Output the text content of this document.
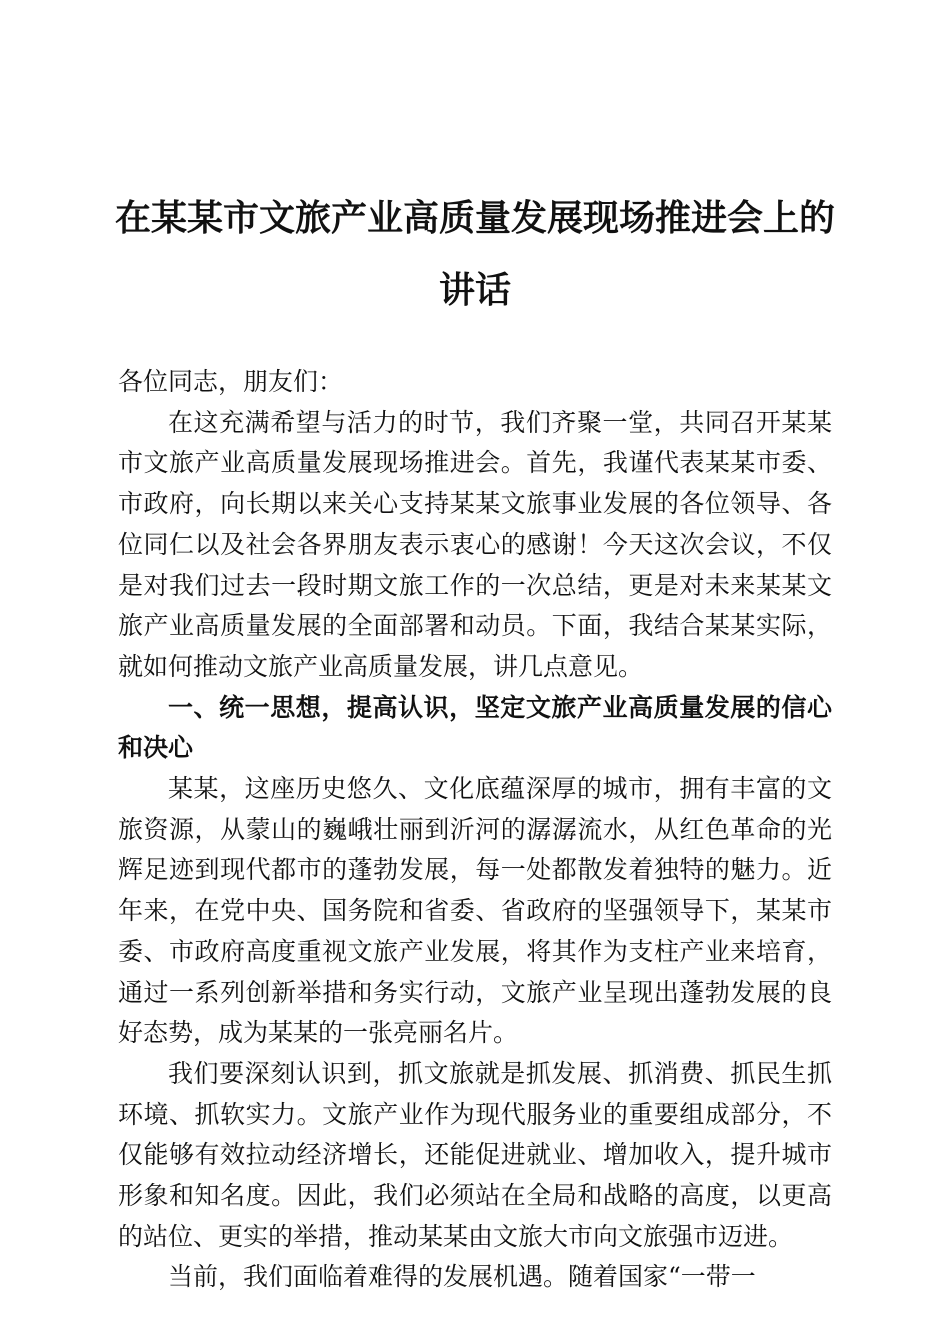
在某某市文旅产业高质量发展现场推进会上的
讲话

各位同志，朋友们：

在这充满希望与活力的时节，我们齐聚一堂，共同召开某某市文旅产业高质量发展现场推进会。首先，我谨代表某某市委、市政府，向长期以来关心支持某某文旅事业发展的各位领导、各位同仁以及社会各界朋友表示衷心的感谢！今天这次会议，不仅是对我们过去一段时期文旅工作的一次总结，更是对未来某某文旅产业高质量发展的全面部署和动员。下面，我结合某某实际，就如何推动文旅产业高质量发展，讲几点意见。

一、统一思想，提高认识，坚定文旅产业高质量发展的信心和决心

某某，这座历史悠久、文化底蕴深厚的城市，拥有丰富的文旅资源，从蒙山的巍峨壮丽到沂河的潺潺流水，从红色革命的光辉足迹到现代都市的蓬勃发展，每一处都散发着独特的魅力。近年来，在党中央、国务院和省委、省政府的坚强领导下，某某市委、市政府高度重视文旅产业发展，将其作为支柱产业来培育，通过一系列创新举措和务实行动，文旅产业呈现出蓬勃发展的良好态势，成为某某的一张亮丽名片。

我们要深刻认识到，抓文旅就是抓发展、抓消费、抓民生抓环境、抓软实力。文旅产业作为现代服务业的重要组成部分，不仅能够有效拉动经济增长，还能促进就业、增加收入，提升城市形象和知名度。因此，我们必须站在全局和战略的高度，以更高的站位、更实的举措，推动某某由文旅大市向文旅强市迈进。

当前，我们面临着难得的发展机遇。随着国家“一带一
